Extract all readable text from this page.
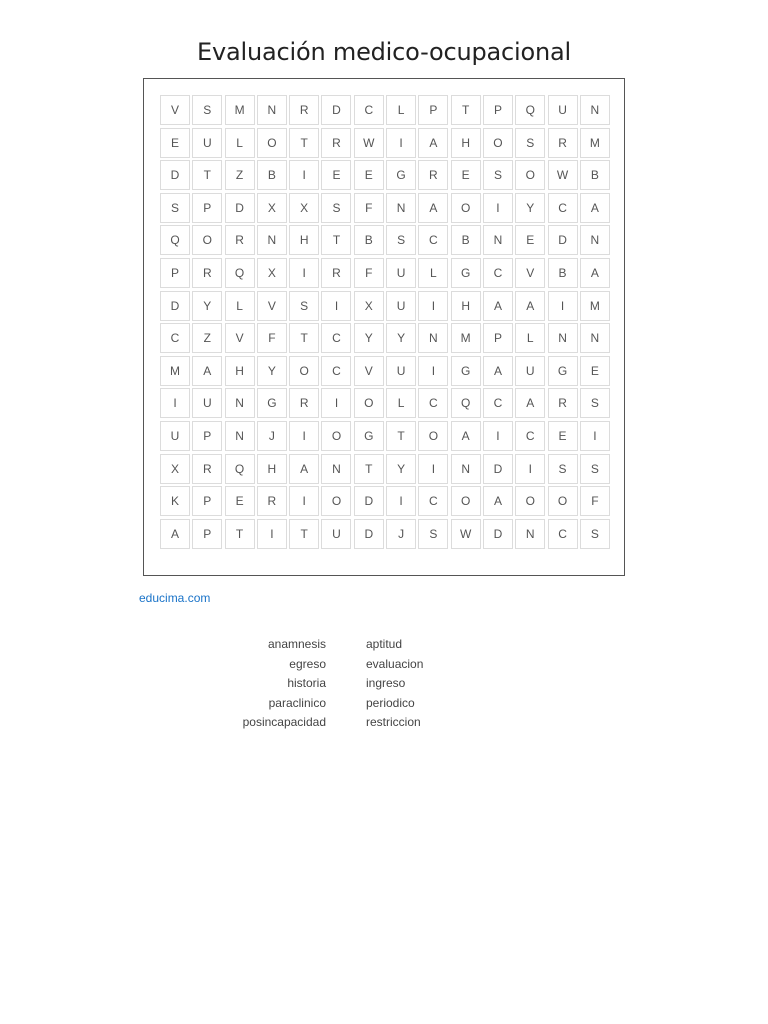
Evaluación medico-ocupacional
V	S	M	N	R	D	C	L	P	T	P	Q	U	N
E	U	L	O	T	R	W	I	A	H	O	S	R	M
D	T	Z	B	I	E	E	G	R	E	S	O	W	B
S	P	D	X	X	S	F	N	A	O	I	Y	C	A
Q	O	R	N	H	T	B	S	C	B	N	E	D	N
P	R	Q	X	I	R	F	U	L	G	C	V	B	A
D	Y	L	V	S	I	X	U	I	H	A	A	I	M
C	Z	V	F	T	C	Y	Y	N	M	P	L	N	N
M	A	H	Y	O	C	V	U	I	G	A	U	G	E
I	U	N	G	R	I	O	L	C	Q	C	A	R	S
U	P	N	J	I	O	G	T	O	A	I	C	E	I
X	R	Q	H	A	N	T	Y	I	N	D	I	S	S
K	P	E	R	I	O	D	I	C	O	A	O	O	F
A	P	T	I	T	U	D	J	S	W	D	N	C	S
educima.com
anamnesis
egreso
historia
paraclinico
posincapacidad
aptitud
evaluacion
ingreso
periodico
restriccion
